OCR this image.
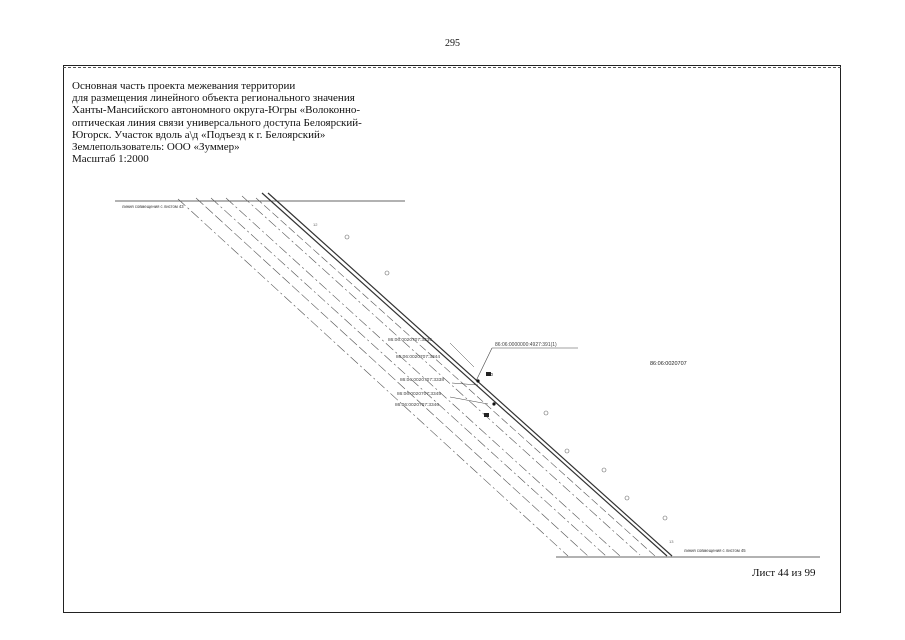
295
Основная часть проекта межевания территории
для размещения линейного объекта регионального значения
Ханты-Мансийского автономного округа-Югры «Волоконно-
оптическая линия связи универсального доступа Белоярский-
Югорск. Участок вдоль а\д «Подъезд к г. Белоярский»
Землепользователь: ООО «Зуммер»
Масштаб 1:2000
линия совмещения с листом 43
линия совмещения с листом 45
86:06:0020707
86:06:0000000:4927:391(1)
86:06:0020707:3336
86:06:0020707:3344
86:06:0020707:3338
86:06:0020707:3345
86:06:0020707:3346
30
28
12
13
Лист 44 из 99
